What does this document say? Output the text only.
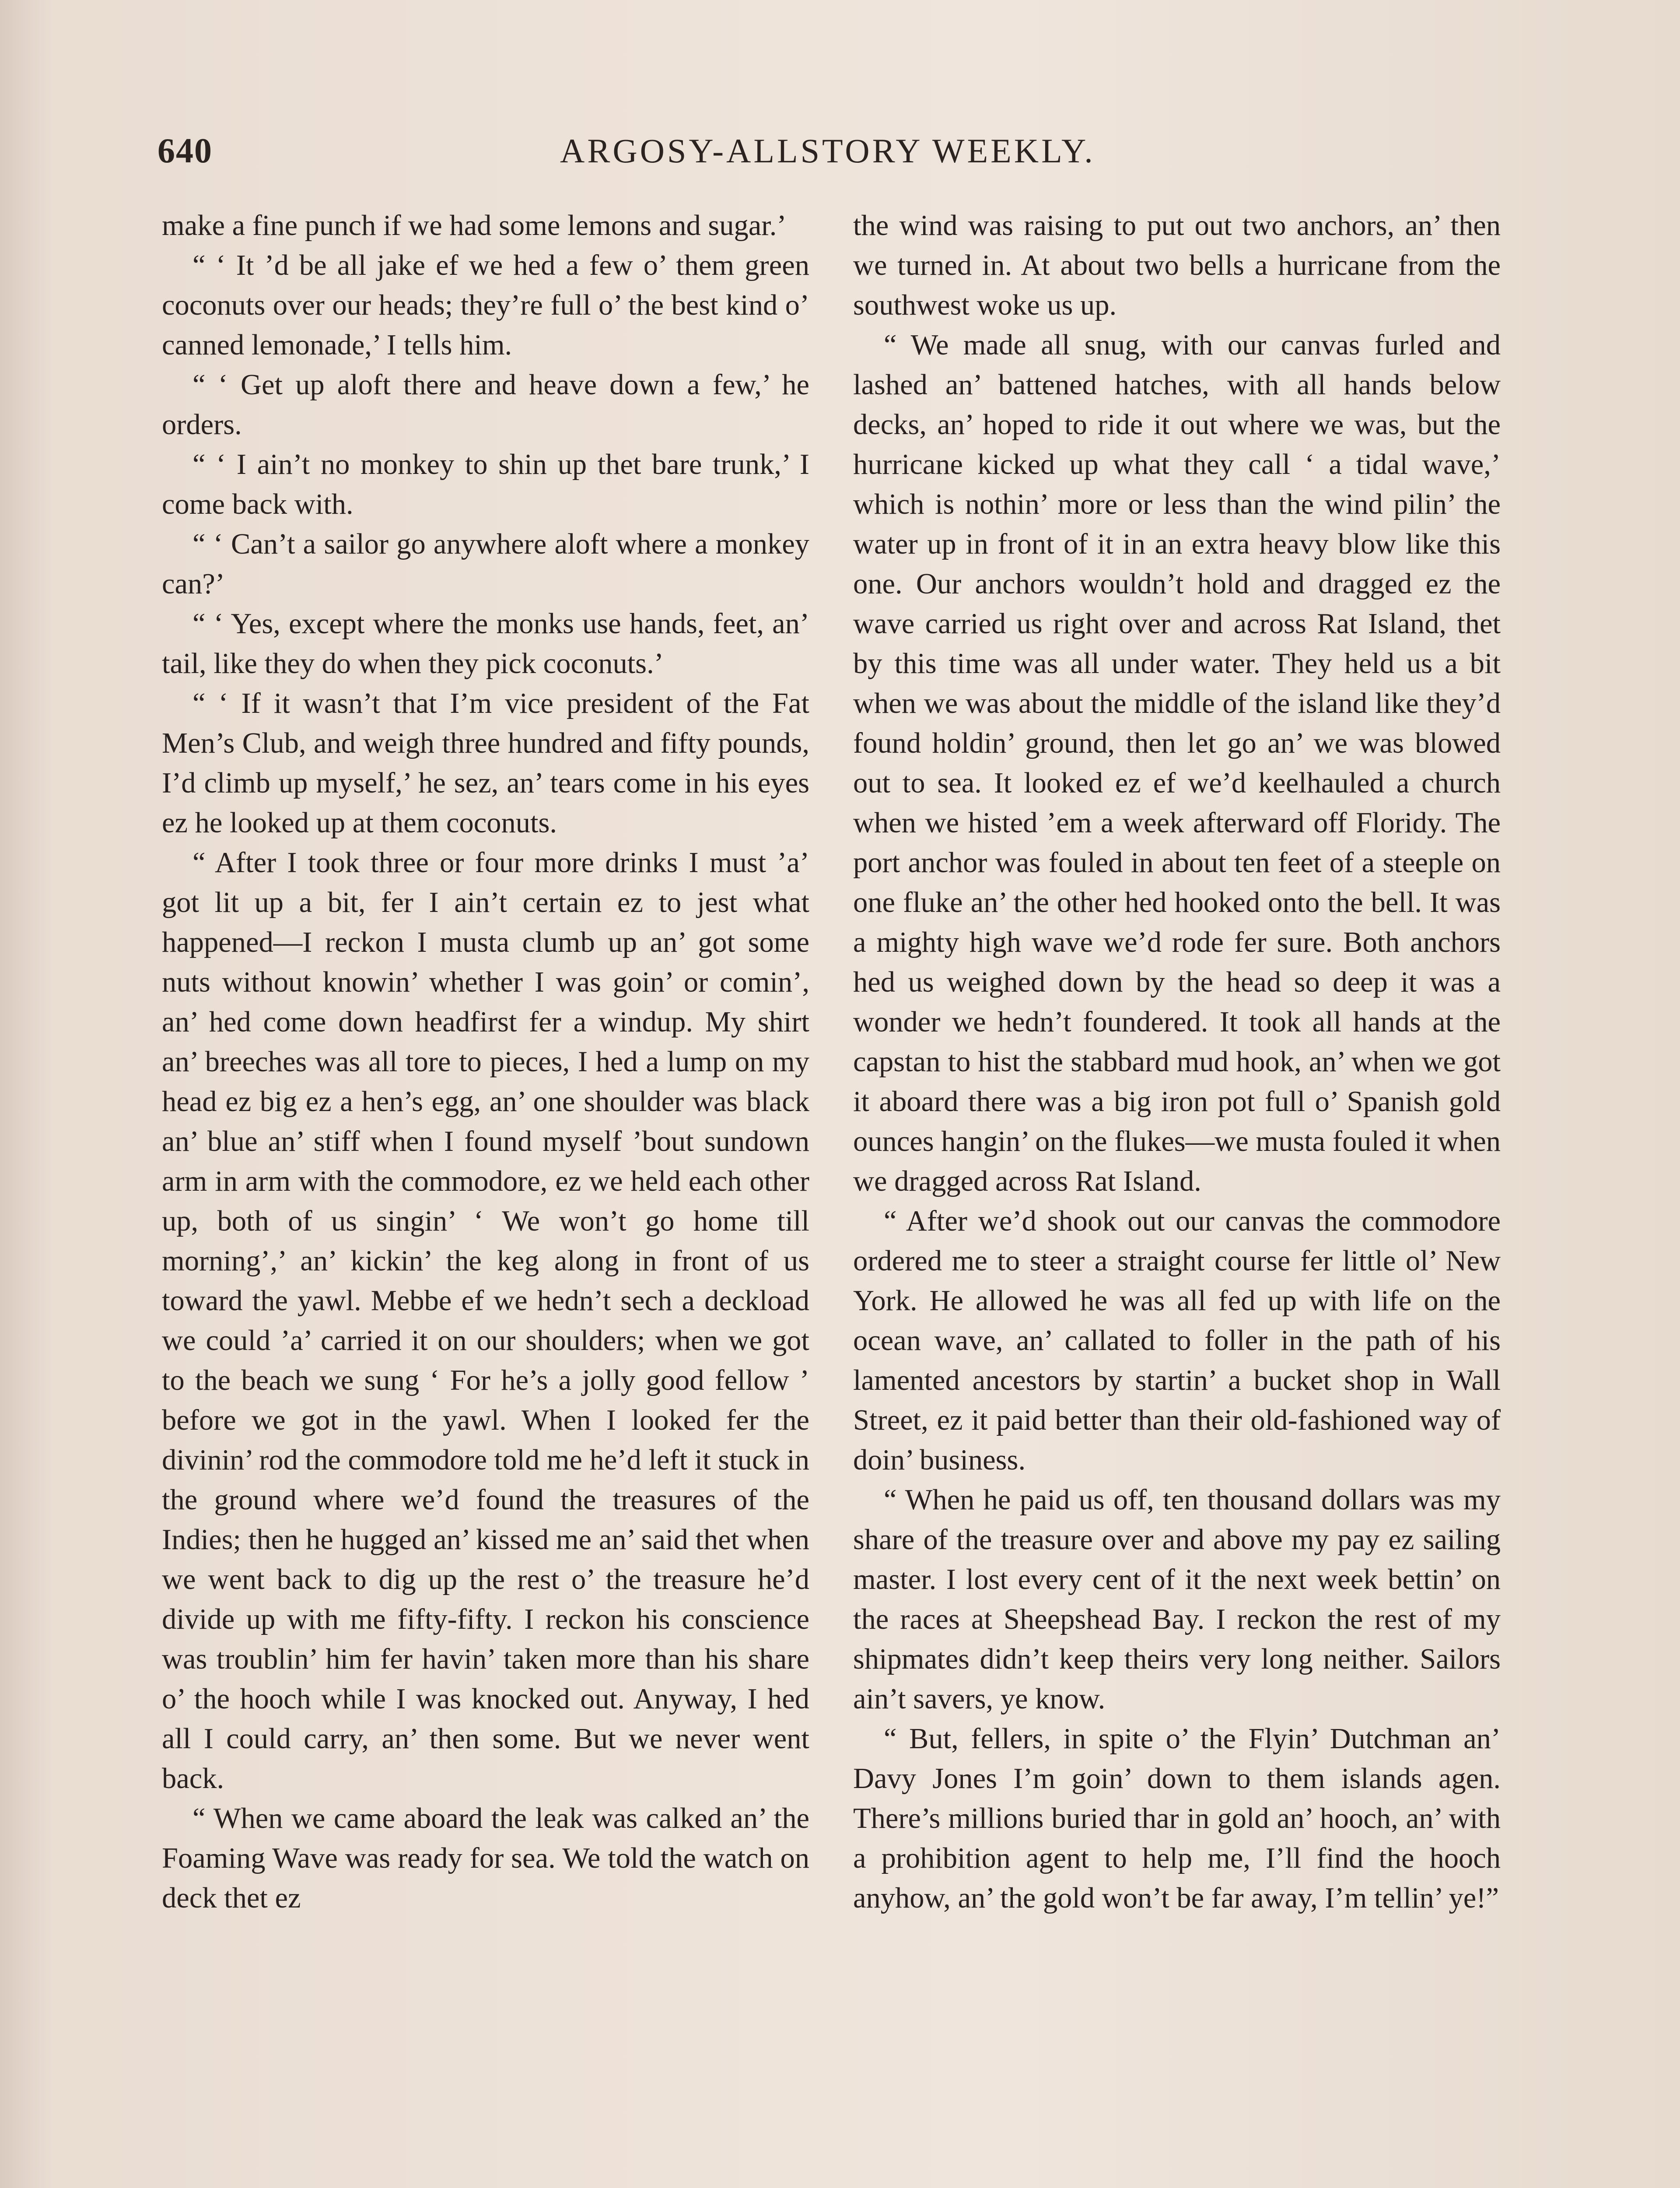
640	ARGOSY-ALLSTORY WEEKLY.

make a fine punch if we had some lemons and sugar.’

“ ‘ It ’d be all jake ef we hed a few o’ them green coconuts over our heads; they’re full o’ the best kind o’ canned lemonade,’ I tells him.

“ ‘ Get up aloft there and heave down a few,’ he orders.

“ ‘ I ain’t no monkey to shin up thet bare trunk,’ I come back with.

“ ‘ Can’t a sailor go anywhere aloft where a monkey can?’

“ ‘ Yes, except where the monks use hands, feet, an’ tail, like they do when they pick coconuts.’

“ ‘ If it wasn’t that I’m vice president of the Fat Men’s Club, and weigh three hundred and fifty pounds, I’d climb up myself,’ he sez, an’ tears come in his eyes ez he looked up at them coconuts.

“ After I took three or four more drinks I must ’a’ got lit up a bit, fer I ain’t certain ez to jest what happened—I reckon I musta clumb up an’ got some nuts without knowin’ whether I was goin’ or comin’, an’ hed come down headfirst fer a windup. My shirt an’ breeches was all tore to pieces, I hed a lump on my head ez big ez a hen’s egg, an’ one shoulder was black an’ blue an’ stiff when I found myself ’bout sundown arm in arm with the commodore, ez we held each other up, both of us singin’ ‘ We won’t go home till morning’,’ an’ kickin’ the keg along in front of us toward the yawl. Mebbe ef we hedn’t sech a deckload we could ’a’ carried it on our shoulders; when we got to the beach we sung ‘ For he’s a jolly good fellow ’ before we got in the yawl. When I looked fer the divinin’ rod the commodore told me he’d left it stuck in the ground where we’d found the treasures of the Indies; then he hugged an’ kissed me an’ said thet when we went back to dig up the rest o’ the treasure he’d divide up with me fifty-fifty. I reckon his conscience was troublin’ him fer havin’ taken more than his share o’ the hooch while I was knocked out. Anyway, I hed all I could carry, an’ then some. But we never went back.

“ When we came aboard the leak was calked an’ the Foaming Wave was ready for sea. We told the watch on deck thet ez

the wind was raising to put out two anchors, an’ then we turned in. At about two bells a hurricane from the southwest woke us up.

“ We made all snug, with our canvas furled and lashed an’ battened hatches, with all hands below decks, an’ hoped to ride it out where we was, but the hurricane kicked up what they call ‘ a tidal wave,’ which is nothin’ more or less than the wind pilin’ the water up in front of it in an extra heavy blow like this one. Our anchors wouldn’t hold and dragged ez the wave carried us right over and across Rat Island, thet by this time was all under water. They held us a bit when we was about the middle of the island like they’d found holdin’ ground, then let go an’ we was blowed out to sea. It looked ez ef we’d keelhauled a church when we histed ’em a week afterward off Floridy. The port anchor was fouled in about ten feet of a steeple on one fluke an’ the other hed hooked onto the bell. It was a mighty high wave we’d rode fer sure. Both anchors hed us weighed down by the head so deep it was a wonder we hedn’t foundered. It took all hands at the capstan to hist the stabbard mud hook, an’ when we got it aboard there was a big iron pot full o’ Spanish gold ounces hangin’ on the flukes—we musta fouled it when we dragged across Rat Island.

“ After we’d shook out our canvas the commodore ordered me to steer a straight course fer little ol’ New York. He allowed he was all fed up with life on the ocean wave, an’ callated to foller in the path of his lamented ancestors by startin’ a bucket shop in Wall Street, ez it paid better than their old-fashioned way of doin’ business.

“ When he paid us off, ten thousand dollars was my share of the treasure over and above my pay ez sailing master. I lost every cent of it the next week bettin’ on the races at Sheepshead Bay. I reckon the rest of my shipmates didn’t keep theirs very long neither. Sailors ain’t savers, ye know.

“ But, fellers, in spite o’ the Flyin’ Dutchman an’ Davy Jones I’m goin’ down to them islands agen. There’s millions buried thar in gold an’ hooch, an’ with a prohibition agent to help me, I’ll find the hooch anyhow, an’ the gold won’t be far away, I’m tellin’ ye!”
